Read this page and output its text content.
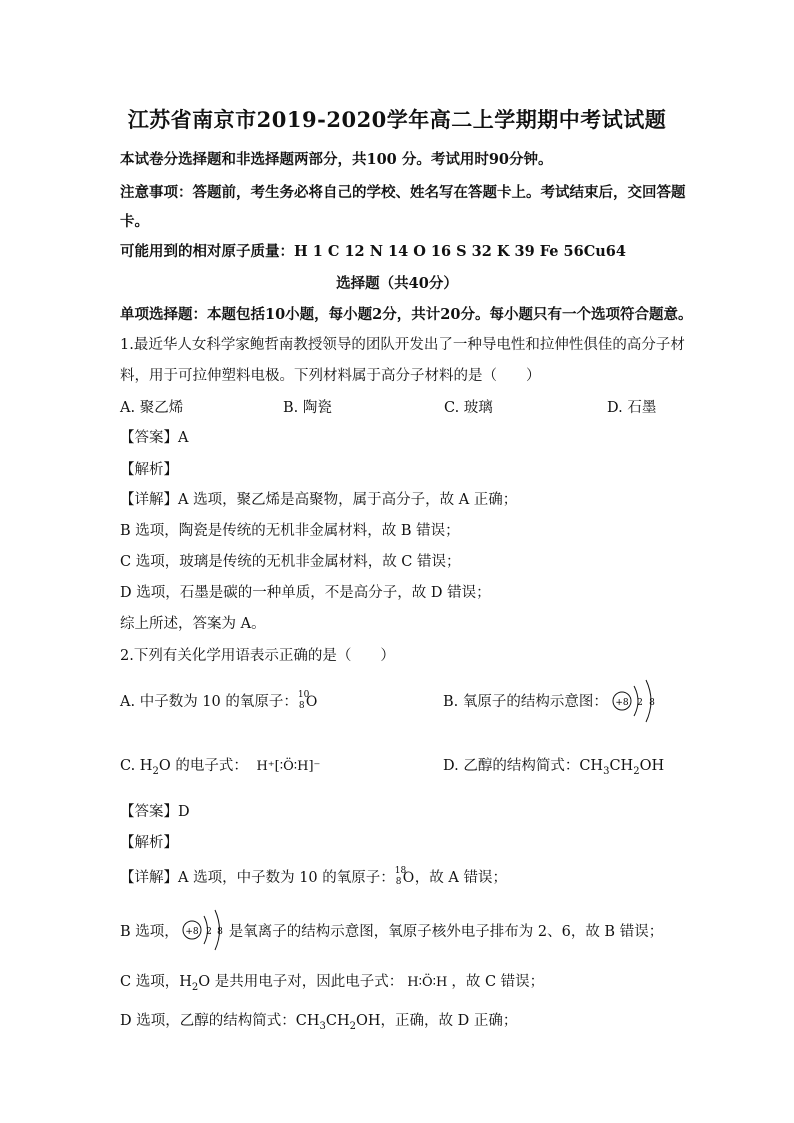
江苏省南京市2019-2020学年高二上学期期中考试试题
本试卷分选择题和非选择题两部分，共100 分。考试用时90分钟。
注意事项：答题前，考生务必将自己的学校、姓名写在答题卡上。考试结束后，交回答题
卡。
可能用到的相对原子质量：H 1 C 12 N 14 O 16 S 32 K 39 Fe 56Cu64
选择题（共40分）
单项选择题：本题包括10小题，每小题2分，共计20分。每小题只有一个选项符合题意。
1.最近华人女科学家鲍哲南教授领导的团队开发出了一种导电性和拉伸性俱佳的高分子材
料，用于可拉伸塑料电极。下列材料属于高分子材料的是（　　）
A. 聚乙烯	B. 陶瓷	C. 玻璃	D. 石墨
【答案】A
【解析】
【详解】A 选项，聚乙烯是高聚物，属于高分子，故 A 正确；
B 选项，陶瓷是传统的无机非金属材料，故 B 错误；
C 选项，玻璃是传统的无机非金属材料，故 C 错误；
D 选项，石墨是碳的一种单质，不是高分子，故 D 错误；
综上所述，答案为 A。
2.下列有关化学用语表示正确的是（　　）
A. 中子数为 10 的氧原子： 10
8 O	B. 氧原子的结构示意图： +8 2 8
C. $H_2O$ 的电子式： H⁺[∶Ö∶H]⁻	D. 乙醇的结构简式：$CH_3CH_2OH$
【答案】D
【解析】
【详解】A 选项，中子数为 10 的氧原子： 18
8 O ，故 A 错误；
B 选项，	是氧离子的结构示意图，氧原子核外电子排布为 2、6，故 B 错误；
+8 2 8
C 选项，$H_2O$ 是共用电子对，因此电子式： H∶Ö∶H ，故 C 错误；
D 选项，乙醇的结构简式：$CH_3CH_2OH$，正确，故 D 正确；
